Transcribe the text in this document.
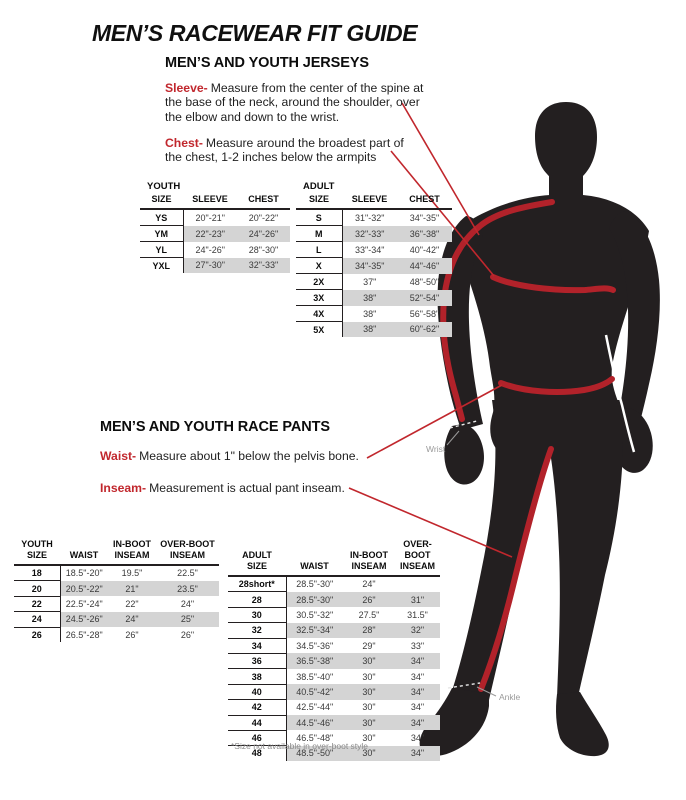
Wrist
Ankle
MEN’S RACEWEAR FIT GUIDE
MEN’S AND YOUTH JERSEYS
Sleeve- Measure from the center of the spine at the base of the neck, around the shoulder, over the elbow and down to the wrist.
Chest- Measure around the broadest part of the chest, 1-2 inches below the armpits
YOUTH
SIZE	SLEEVE	CHEST

YS	20"-21"	20"-22"
YM	22"-23"	24"-26"
YL	24"-26"	28"-30"
YXL	27"-30"	32"-33"
ADULT
SIZE	SLEEVE	CHEST

S	31"-32"	34"-35"
M	32"-33"	36"-38"
L	33"-34"	40"-42"
X	34"-35"	44"-46"
2X	37"	48"-50"
3X	38"	52"-54"
4X	38"	56"-58"
5X	38"	60"-62"
MEN’S AND YOUTH RACE PANTS
Waist- Measure about 1" below the pelvis bone.
Inseam- Measurement is actual pant inseam.
YOUTH
SIZE	WAIST

IN-BOOT
INSEAM

OVER-BOOT
INSEAM

18	18.5"-20"	19.5"	22.5"
20	20.5"-22"	21"	23.5"
22	22.5"-24"	22"	24"
24	24.5"-26"	24"	25"
26	26.5"-28"	26"	26"
ADULT
SIZE	WAIST

IN-BOOT
INSEAM

OVER-BOOT
INSEAM

28short*	28.5"-30"	24"	
28	28.5"-30"	26"	31"
30	30.5"-32"	27.5"	31.5"
32	32.5"-34"	28"	32"
34	34.5"-36"	29"	33"
36	36.5"-38"	30"	34"
38	38.5"-40"	30"	34"
40	40.5"-42"	30"	34"
42	42.5"-44"	30"	34"
44	44.5"-46"	30"	34"
46	46.5"-48"	30"	34"
48	48.5"-50"	30"	34"
*Size not available in over-boot style
